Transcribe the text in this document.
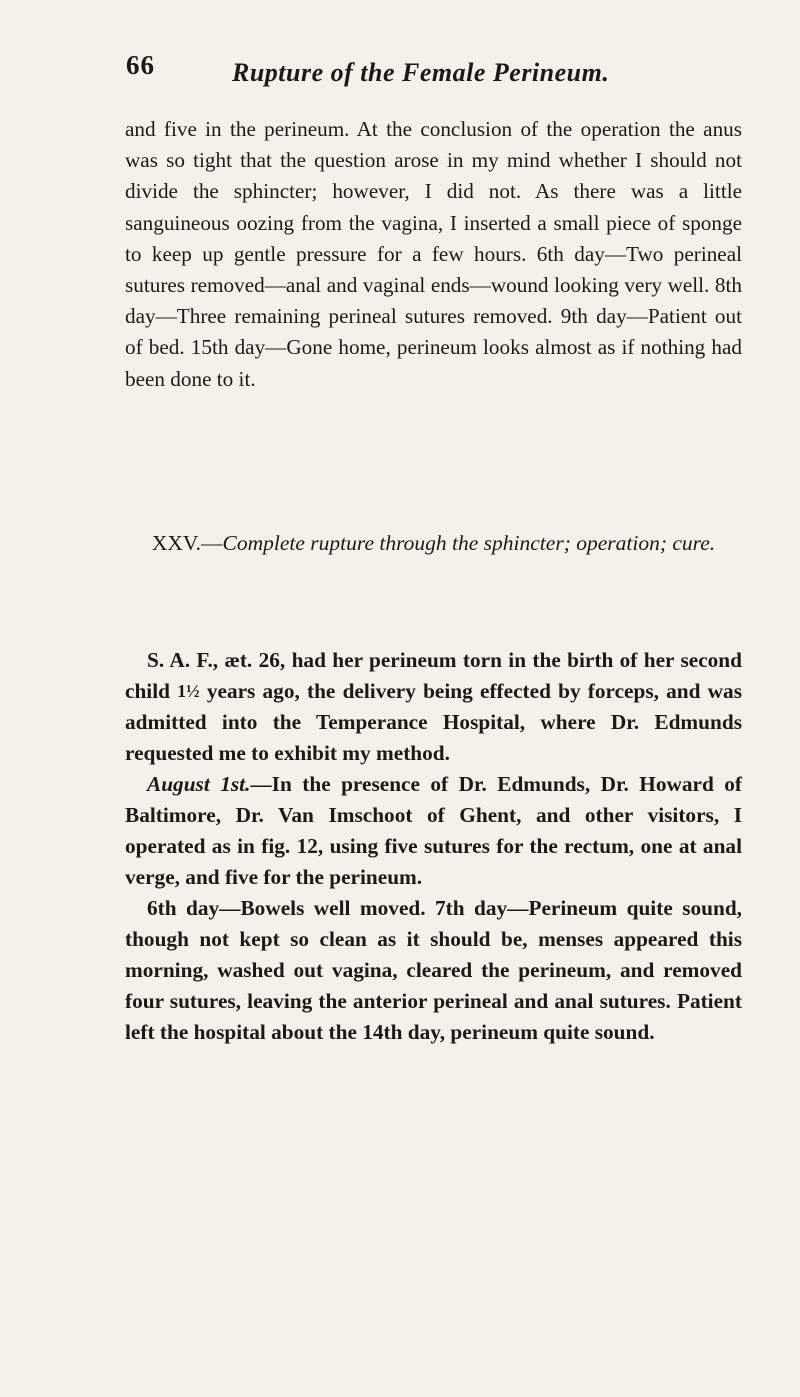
66	Rupture of the Female Perineum.

and five in the perineum. At the conclusion of the operation the anus was so tight that the question arose in my mind whether I should not divide the sphincter; however, I did not. As there was a little sanguineous oozing from the vagina, I inserted a small piece of sponge to keep up gentle pressure for a few hours. 6th day—Two perineal sutures removed—anal and vaginal ends—wound looking very well. 8th day—Three remaining perineal sutures removed. 9th day—Patient out of bed. 15th day—Gone home, perineum looks almost as if nothing had been done to it.

XXV.—Complete rupture through the sphincter; operation; cure.

S. A. F., æt. 26, had her perineum torn in the birth of her second child 1½ years ago, the delivery being effected by forceps, and was admitted into the Temperance Hospital, where Dr. Edmunds requested me to exhibit my method.

August 1st.—In the presence of Dr. Edmunds, Dr. Howard of Baltimore, Dr. Van Imschoot of Ghent, and other visitors, I operated as in fig. 12, using five sutures for the rectum, one at anal verge, and five for the perineum.

6th day—Bowels well moved. 7th day—Perineum quite sound, though not kept so clean as it should be, menses appeared this morning, washed out vagina, cleared the perineum, and removed four sutures, leaving the anterior perineal and anal sutures. Patient left the hospital about the 14th day, perineum quite sound.
